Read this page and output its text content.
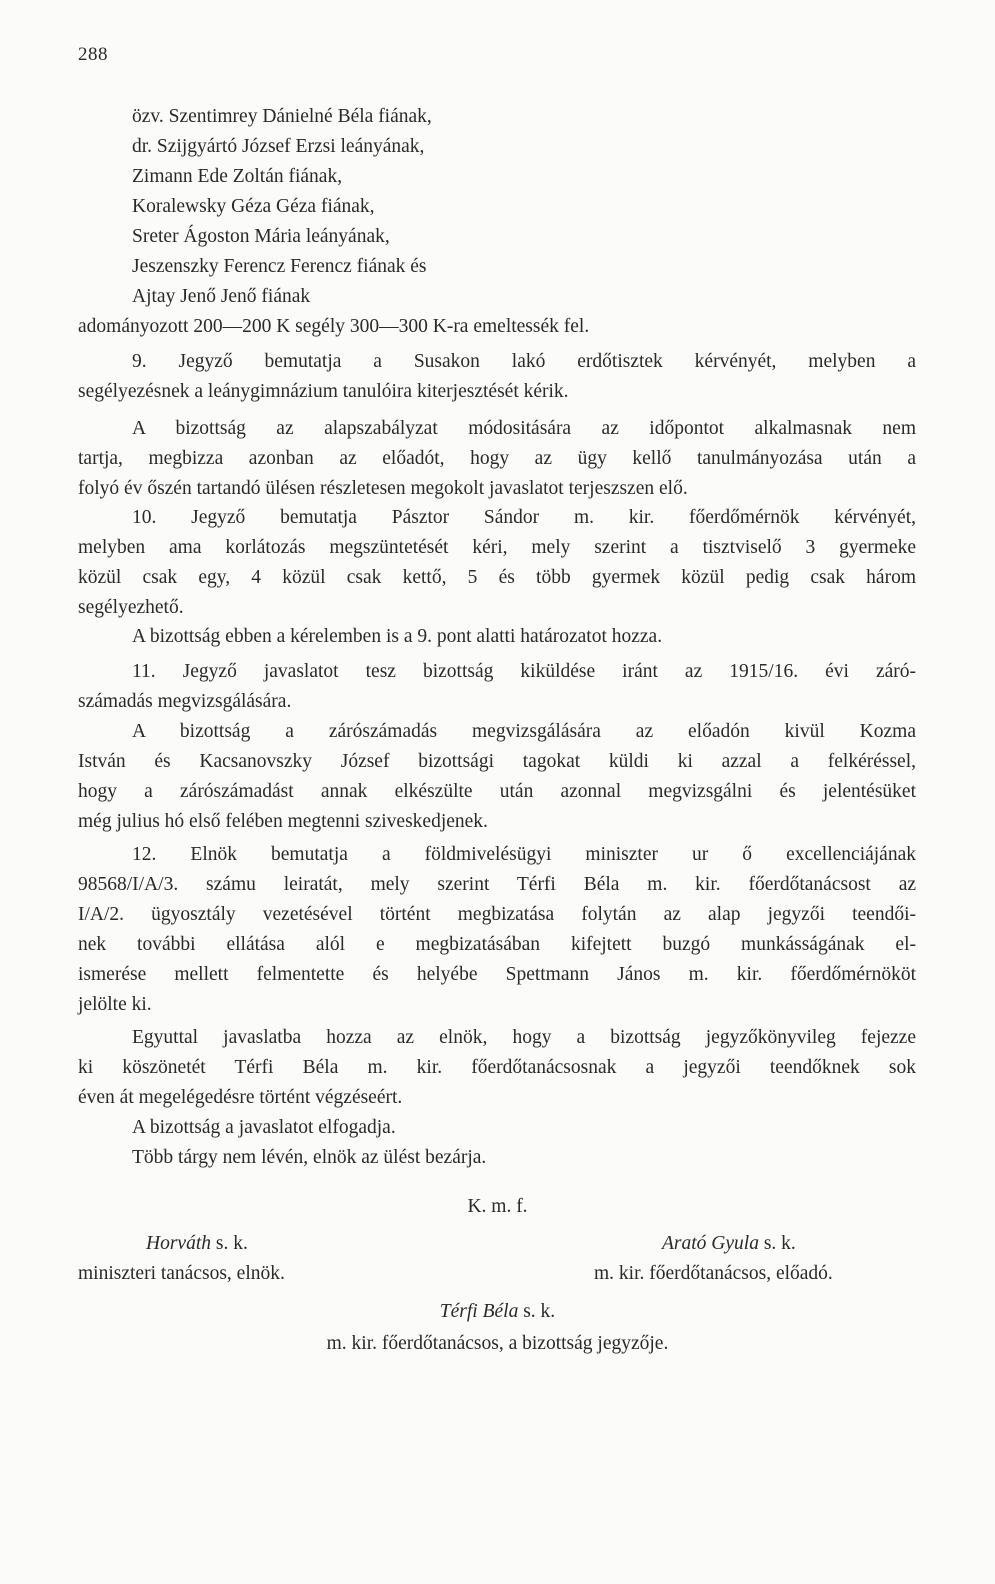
288
özv. Szentimrey Dánielné Béla fiának,
dr. Szijgyártó József Erzsi leányának,
Zimann Ede Zoltán fiának,
Koralewsky Géza Géza fiának,
Sreter Ágoston Mária leányának,
Jeszenszky Ferencz Ferencz fiának és
Ajtay Jenő Jenő fiának
adományozott 200—200 K segély 300—300 K-ra emeltessék fel.
9. Jegyző bemutatja a Susakon lakó erdőtisztek kérvényét, melyben a
segélyezésnek a leánygimnázium tanulóira kiterjesztését kérik.
A bizottság az alapszabályzat módositására az időpontot alkalmasnak nem
tartja, megbizza azonban az előadót, hogy az ügy kellő tanulmányozása után a
folyó év őszén tartandó ülésen részletesen megokolt javaslatot terjeszszen elő.
10. Jegyző bemutatja Pásztor Sándor m. kir. főerdőmérnök kérvényét,
melyben ama korlátozás megszüntetését kéri, mely szerint a tisztviselő 3 gyermeke
közül csak egy, 4 közül csak kettő, 5 és több gyermek közül pedig csak három
segélyezhető.
A bizottság ebben a kérelemben is a 9. pont alatti határozatot hozza.
11. Jegyző javaslatot tesz bizottság kiküldése iránt az 1915/16. évi záró-
számadás megvizsgálására.
A bizottság a zárószámadás megvizsgálására az előadón kivül Kozma
István és Kacsanovszky József bizottsági tagokat küldi ki azzal a felkéréssel,
hogy a zárószámadást annak elkészülte után azonnal megvizsgálni és jelentésüket
még julius hó első felében megtenni sziveskedjenek.
12. Elnök bemutatja a földmivelésügyi miniszter ur ő excellenciájának
98568/I/A/3. számu leiratát, mely szerint Térfi Béla m. kir. főerdőtanácsost az
I/A/2. ügyosztály vezetésével történt megbizatása folytán az alap jegyzői teendői-
nek további ellátása alól e megbizatásában kifejtett buzgó munkásságának el-
ismerése mellett felmentette és helyébe Spettmann János m. kir. főerdőmérnököt
jelölte ki.
Egyuttal javaslatba hozza az elnök, hogy a bizottság jegyzőkönyvileg fejezze
ki köszönetét Térfi Béla m. kir. főerdőtanácsosnak a jegyzői teendőknek sok
éven át megelégedésre történt végzéseért.
A bizottság a javaslatot elfogadja.
Több tárgy nem lévén, elnök az ülést bezárja.
K. m. f.
Horváth s. k.
miniszteri tanácsos, elnök.
Arató Gyula s. k.
m. kir. főerdőtanácsos, előadó.
Térfi Béla s. k.
m. kir. főerdőtanácsos, a bizottság jegyzője.
